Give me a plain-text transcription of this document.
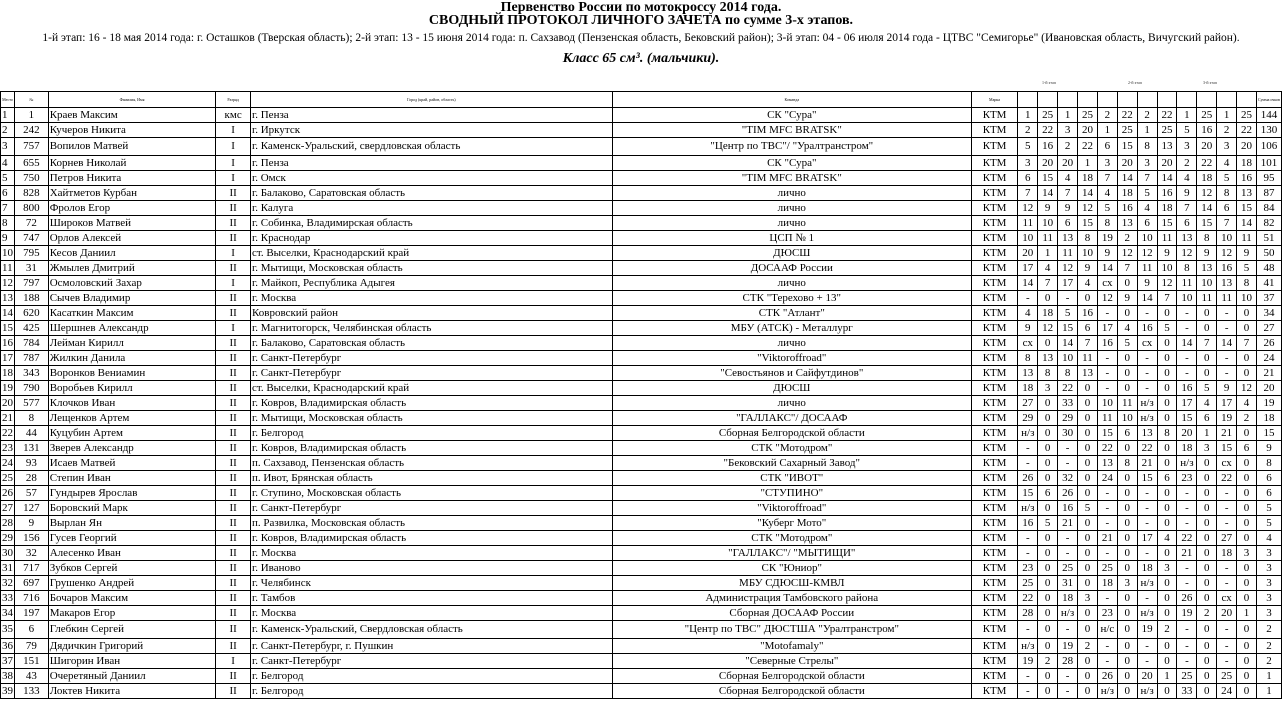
Первенство России по мотокроссу 2014 года.
СВОДНЫЙ ПРОТОКОЛ ЛИЧНОГО ЗАЧЕТА по сумме 3-х этапов.
1-й этап: 16 - 18 мая 2014 года: г. Осташков (Тверская область); 2-й этап: 13 - 15 июня 2014 года: п. Сахзавод (Пензенская область, Бековский район); 3-й этап: 04 - 06 июля 2014 года - ЦТВС "Семигорье" (Ивановская область, Вичугский район).
Класс 65 см³. (мальчики).
1-й этап	2-й этап	3-й этап
Место	№	Фамилия, Имя	Разряд	Город (край, район, область)	Команда	Марка													Сумма очков
1	1	Краев Максим	кмс	г. Пенза	СК "Сура"	КТМ	1	25	1	25	2	22	2	22	1	25	1	25	144
2	242	Кучеров Никита	I	г. Иркутск	"TIM MFC BRATSK"	КТМ	2	22	3	20	1	25	1	25	5	16	2	22	130
3	757	Вопилов Матвей	I	г. Каменск-Уральский, свердловская область	"Центр по ТВС"/ "Уралтранстром"	КТМ	5	16	2	22	6	15	8	13	3	20	3	20	106
4	655	Корнев Николай	I	г. Пенза	СК "Сура"	КТМ	3	20	20	1	3	20	3	20	2	22	4	18	101
5	750	Петров Никита	I	г. Омск	"TIM MFC BRATSK"	КТМ	6	15	4	18	7	14	7	14	4	18	5	16	95
6	828	Хайтметов Курбан	II	г. Балаково, Саратовская область	лично	КТМ	7	14	7	14	4	18	5	16	9	12	8	13	87
7	800	Фролов Егор	II	г. Калуга	лично	КТМ	12	9	9	12	5	16	4	18	7	14	6	15	84
8	72	Широков Матвей	II	г. Собинка, Владимирская область	лично	КТМ	11	10	6	15	8	13	6	15	6	15	7	14	82
9	747	Орлов Алексей	II	г. Краснодар	ЦСП № 1	КТМ	10	11	13	8	19	2	10	11	13	8	10	11	51
10	795	Кесов Даниил	I	ст. Выселки, Краснодарский край	ДЮСШ	КТМ	20	1	11	10	9	12	12	9	12	9	12	9	50
11	31	Жмылев Дмитрий	II	г. Мытищи, Московская область	ДОСААФ России	КТМ	17	4	12	9	14	7	11	10	8	13	16	5	48
12	797	Осмоловский Захар	I	г. Майкоп, Республика Адыгея	лично	КТМ	14	7	17	4	сх	0	9	12	11	10	13	8	41
13	188	Сычев Владимир	II	г. Москва	СТК "Терехово + 13"	КТМ	-	0	-	0	12	9	14	7	10	11	11	10	37
14	620	Касаткин Максим	II	Ковровский район	СТК "Атлант"	КТМ	4	18	5	16	-	0	-	0	-	0	-	0	34
15	425	Шершнев Александр	I	г. Магнитогорск, Челябинская область	МБУ (АТСК) - Металлург	КТМ	9	12	15	6	17	4	16	5	-	0	-	0	27
16	784	Лейман Кирилл	II	г. Балаково, Саратовская область	лично	КТМ	сх	0	14	7	16	5	сх	0	14	7	14	7	26
17	787	Жилкин Данила	II	г. Санкт-Петербург	"Viktoroffroad"	КТМ	8	13	10	11	-	0	-	0	-	0	-	0	24
18	343	Воронков Вениамин	II	г. Санкт-Петербург	"Севостьянов и Сайфутдинов"	КТМ	13	8	8	13	-	0	-	0	-	0	-	0	21
19	790	Воробьев Кирилл	II	ст. Выселки, Краснодарский край	ДЮСШ	КТМ	18	3	22	0	-	0	-	0	16	5	9	12	20
20	577	Клочков Иван	II	г. Ковров, Владимирская область	лично	КТМ	27	0	33	0	10	11	н/з	0	17	4	17	4	19
21	8	Лещенков Артем	II	г. Мытищи, Московская область	"ГАЛЛАКС"/ ДОСААФ	КТМ	29	0	29	0	11	10	н/з	0	15	6	19	2	18
22	44	Куцубин Артем	II	г. Белгород	Сборная Белгородской области	КТМ	н/з	0	30	0	15	6	13	8	20	1	21	0	15
23	131	Зверев Александр	II	г. Ковров, Владимирская область	СТК "Мотодром"	КТМ	-	0	-	0	22	0	22	0	18	3	15	6	9
24	93	Исаев Матвей	II	п. Сахзавод, Пензенская область	"Бековский Сахарный Завод"	КТМ	-	0	-	0	13	8	21	0	н/з	0	сх	0	8
25	28	Степин Иван	II	п. Ивот, Брянская область	СТК "ИВОТ"	КТМ	26	0	32	0	24	0	15	6	23	0	22	0	6
26	57	Гундырев Ярослав	II	г. Ступино, Московская область	"СТУПИНО"	КТМ	15	6	26	0	-	0	-	0	-	0	-	0	6
27	127	Боровский Марк	II	г. Санкт-Петербург	"Viktoroffroad"	КТМ	н/з	0	16	5	-	0	-	0	-	0	-	0	5
28	9	Вырлан Ян	II	п. Развилка, Московская область	"Куберг Мото"	КТМ	16	5	21	0	-	0	-	0	-	0	-	0	5
29	156	Гусев Георгий	II	г. Ковров, Владимирская область	СТК "Мотодром"	КТМ	-	0	-	0	21	0	17	4	22	0	27	0	4
30	32	Алесенко Иван	II	г. Москва	"ГАЛЛАКС"/ "МЫТИЩИ"	КТМ	-	0	-	0	-	0	-	0	21	0	18	3	3
31	717	Зубков Сергей	II	г. Иваново	СК "Юниор"	КТМ	23	0	25	0	25	0	18	3	-	0	-	0	3
32	697	Грушенко Андрей	II	г. Челябинск	МБУ СДЮСШ-КМВЛ	КТМ	25	0	31	0	18	3	н/з	0	-	0	-	0	3
33	716	Бочаров Максим	II	г. Тамбов	Администрация Тамбовского района	КТМ	22	0	18	3	-	0	-	0	26	0	сх	0	3
34	197	Макаров Егор	II	г. Москва	Сборная ДОСААФ России	КТМ	28	0	н/з	0	23	0	н/з	0	19	2	20	1	3
35	6	Глебкин Сергей	II	г. Каменск-Уральский, Свердловская область	"Центр по ТВС" ДЮСТША "Уралтранстром"	КТМ	-	0	-	0	н/с	0	19	2	-	0	-	0	2
36	79	Дядичкин Григорий	II	г. Санкт-Петербург, г. Пушкин	"Motofamaly"	КТМ	н/з	0	19	2	-	0	-	0	-	0	-	0	2
37	151	Шигорин Иван	I	г. Санкт-Петербург	"Северные Стрелы"	КТМ	19	2	28	0	-	0	-	0	-	0	-	0	2
38	43	Очеретяный Даниил	II	г. Белгород	Сборная Белгородской области	КТМ	-	0	-	0	26	0	20	1	25	0	25	0	1
39	133	Локтев Никита	II	г. Белгород	Сборная Белгородской области	КТМ	-	0	-	0	н/з	0	н/з	0	33	0	24	0	1
